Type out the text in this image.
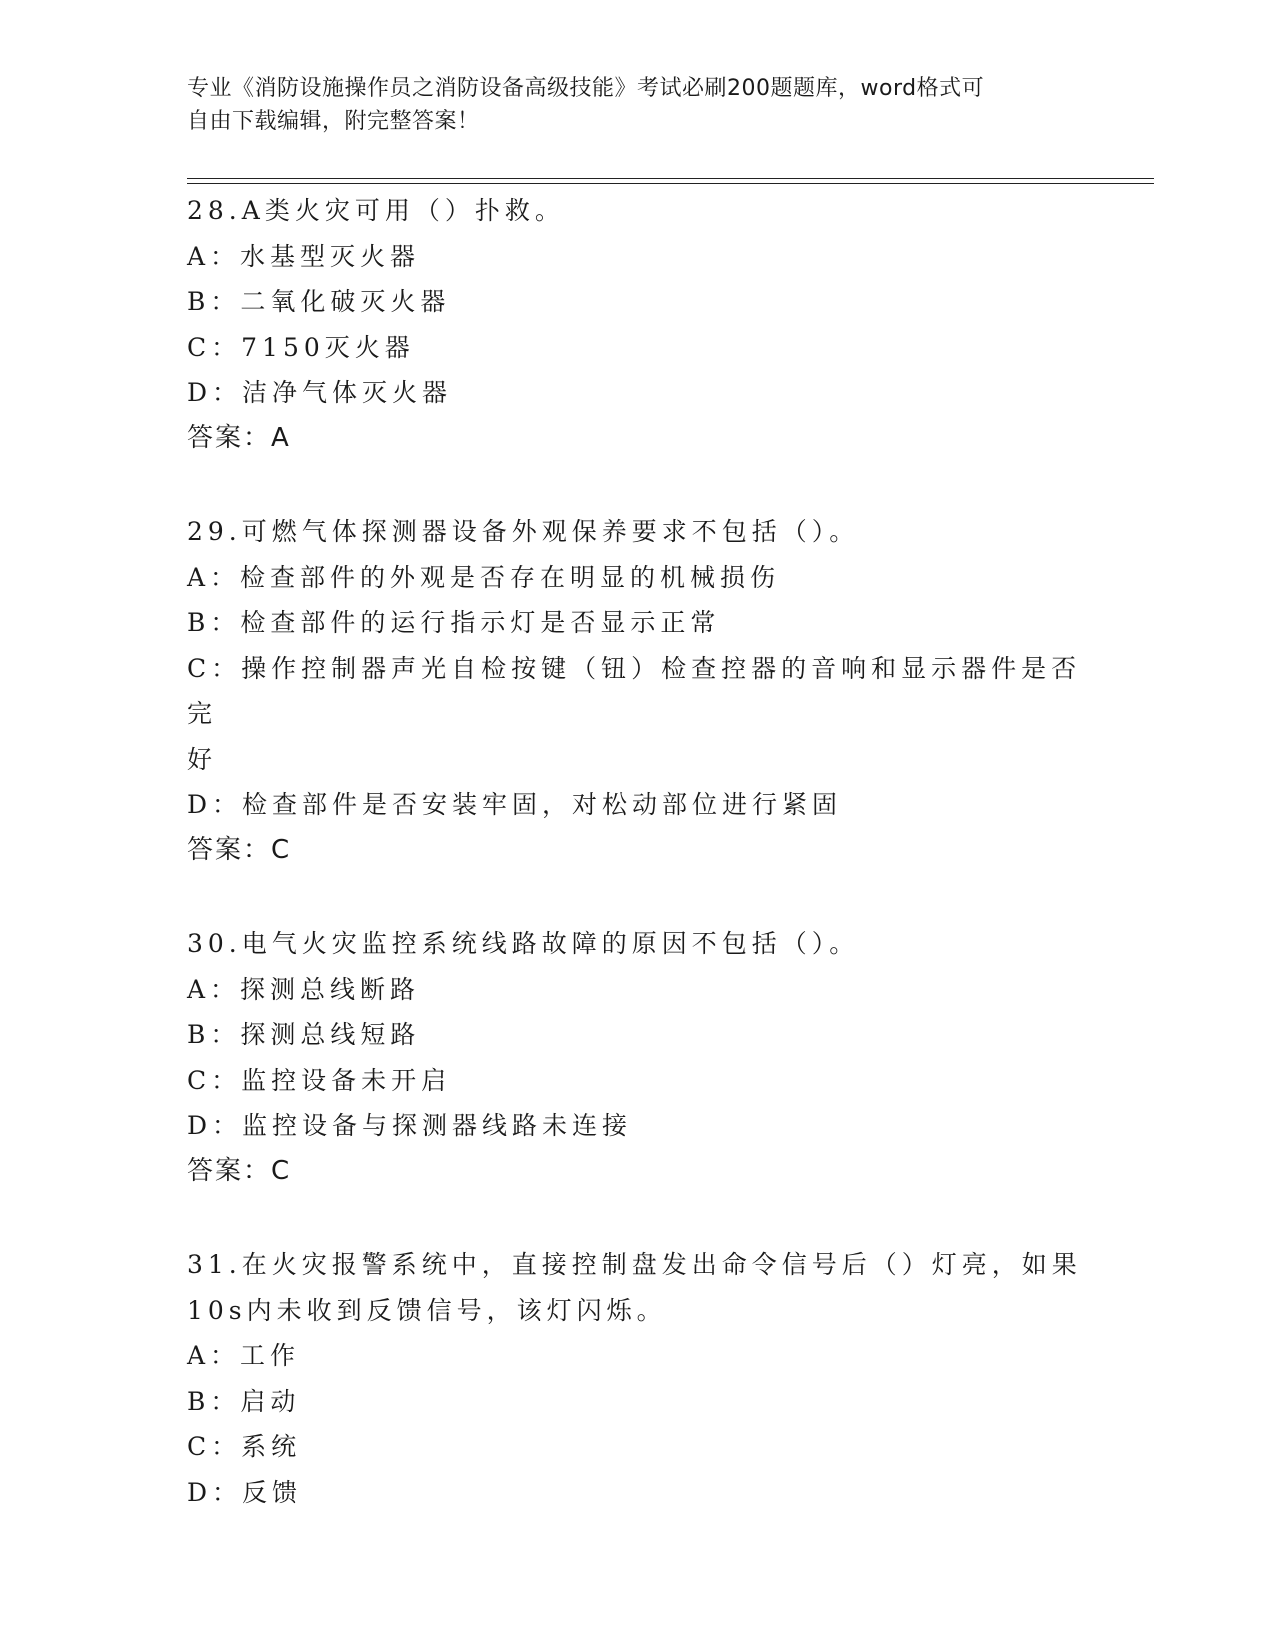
专业《消防设施操作员之消防设备高级技能》考试必刷200题题库，word格式可
自由下载编辑，附完整答案！
28.A类火灾可用（）扑救。
A：水基型灭火器
B：二氧化破灭火器
C：7150灭火器
D：洁净气体灭火器
答案：A
29.可燃气体探测器设备外观保养要求不包括（）。
A：检查部件的外观是否存在明显的机械损伤
B：检查部件的运行指示灯是否显示正常
C：操作控制器声光自检按键（钮）检查控器的音响和显示器件是否完
好
D：检查部件是否安装牢固，对松动部位进行紧固
答案：C
30.电气火灾监控系统线路故障的原因不包括（）。
A：探测总线断路
B：探测总线短路
C：监控设备未开启
D：监控设备与探测器线路未连接
答案：C
31.在火灾报警系统中，直接控制盘发出命令信号后（）灯亮，如果
10s内未收到反馈信号，该灯闪烁。
A：工作
B：启动
C：系统
D：反馈
